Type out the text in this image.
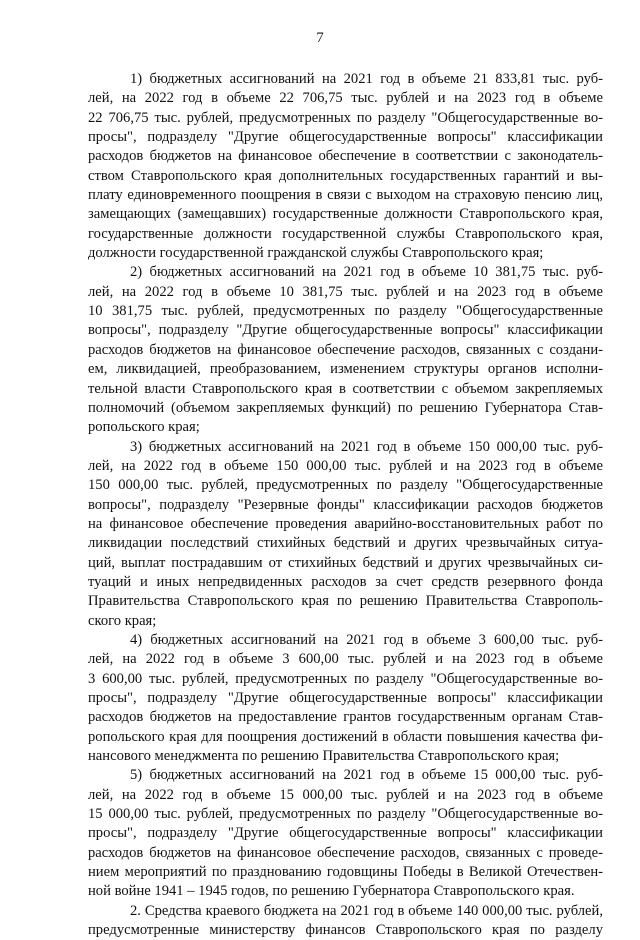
7
1) бюджетных ассигнований на 2021 год в объеме 21 833,81 тыс. руб-
лей, на 2022 год в объеме 22 706,75 тыс. рублей и на 2023 год в объеме
22 706,75 тыс. рублей, предусмотренных по разделу "Общегосударственные во-
просы", подразделу "Другие общегосударственные вопросы" классификации
расходов бюджетов на финансовое обеспечение в соответствии с законодатель-
ством Ставропольского края дополнительных государственных гарантий и вы-
плату единовременного поощрения в связи с выходом на страховую пенсию лиц,
замещающих (замещавших) государственные должности Ставропольского края,
государственные должности государственной службы Ставропольского края,
должности государственной гражданской службы Ставропольского края;
2) бюджетных ассигнований на 2021 год в объеме 10 381,75 тыс. руб-
лей, на 2022 год в объеме 10 381,75 тыс. рублей и на 2023 год в объеме
10 381,75 тыс. рублей, предусмотренных по разделу "Общегосударственные
вопросы", подразделу "Другие общегосударственные вопросы" классификации
расходов бюджетов на финансовое обеспечение расходов, связанных с создани-
ем, ликвидацией, преобразованием, изменением структуры органов исполни-
тельной власти Ставропольского края в соответствии с объемом закрепляемых
полномочий (объемом закрепляемых функций) по решению Губернатора Став-
ропольского края;
3) бюджетных ассигнований на 2021 год в объеме 150 000,00 тыс. руб-
лей, на 2022 год в объеме 150 000,00 тыс. рублей и на 2023 год в объеме
150 000,00 тыс. рублей, предусмотренных по разделу "Общегосударственные
вопросы", подразделу "Резервные фонды" классификации расходов бюджетов
на финансовое обеспечение проведения аварийно-восстановительных работ по
ликвидации последствий стихийных бедствий и других чрезвычайных ситуа-
ций, выплат пострадавшим от стихийных бедствий и других чрезвычайных си-
туаций и иных непредвиденных расходов за счет средств резервного фонда
Правительства Ставропольского края по решению Правительства Ставрополь-
ского края;
4) бюджетных ассигнований на 2021 год в объеме 3 600,00 тыс. руб-
лей, на 2022 год в объеме 3 600,00 тыс. рублей и на 2023 год в объеме
3 600,00 тыс. рублей, предусмотренных по разделу "Общегосударственные во-
просы", подразделу "Другие общегосударственные вопросы" классификации
расходов бюджетов на предоставление грантов государственным органам Став-
ропольского края для поощрения достижений в области повышения качества фи-
нансового менеджмента по решению Правительства Ставропольского края;
5) бюджетных ассигнований на 2021 год в объеме 15 000,00 тыс. руб-
лей, на 2022 год в объеме 15 000,00 тыс. рублей и на 2023 год в объеме
15 000,00 тыс. рублей, предусмотренных по разделу "Общегосударственные во-
просы", подразделу "Другие общегосударственные вопросы" классификации
расходов бюджетов на финансовое обеспечение расходов, связанных с проведе-
нием мероприятий по празднованию годовщины Победы в Великой Отечествен-
ной войне 1941 – 1945 годов, по решению Губернатора Ставропольского края.
2. Средства краевого бюджета на 2021 год в объеме 140 000,00 тыс. рублей,
предусмотренные министерству финансов Ставропольского края по разделу
